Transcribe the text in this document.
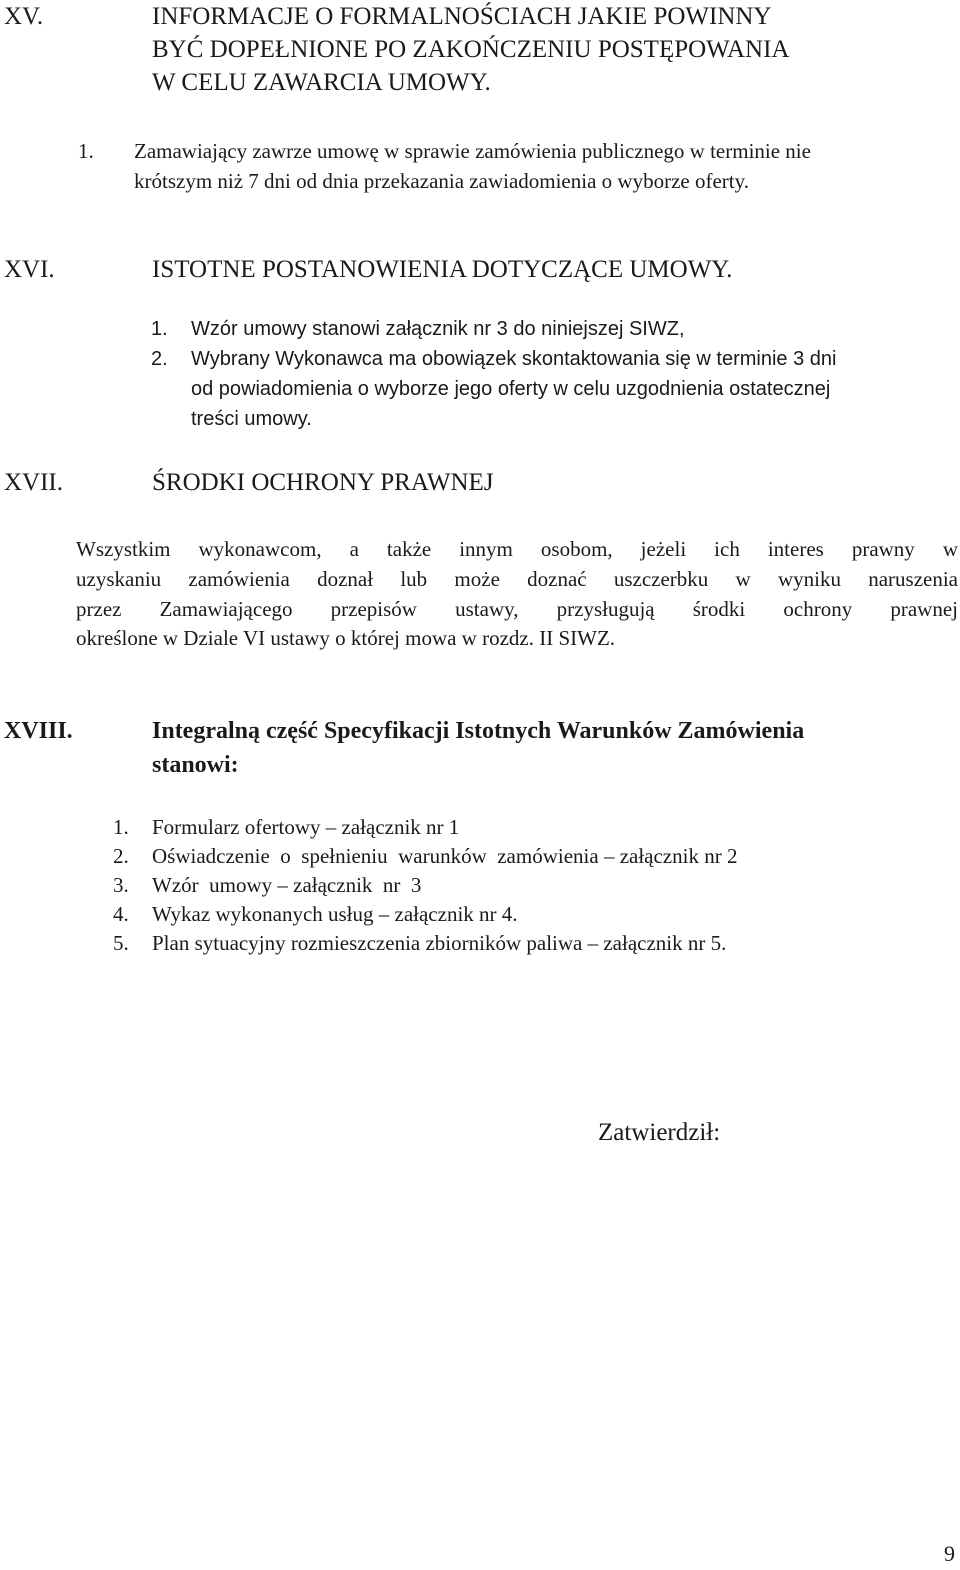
XV.	INFORMACJE O FORMALNOŚCIACH JAKIE POWINNY
BYĆ DOPEŁNIONE PO ZAKOŃCZENIU POSTĘPOWANIA
W CELU ZAWARCIA UMOWY.
1. Zamawiający zawrze umowę w sprawie zamówienia publicznego w terminie nie
krótszym niż 7 dni od dnia przekazania zawiadomienia o wyborze oferty.
XVI.	ISTOTNE POSTANOWIENIA DOTYCZĄCE UMOWY.
1. Wzór umowy stanowi załącznik nr 3 do niniejszej SIWZ,
2. Wybrany Wykonawca ma obowiązek skontaktowania się w terminie 3 dni
od powiadomienia o wyborze jego oferty w celu uzgodnienia ostatecznej
treści umowy.
XVII.	ŚRODKI OCHRONY PRAWNEJ
Wszystkim wykonawcom, a także innym osobom, jeżeli ich interes prawny w
uzyskaniu zamówienia doznał lub może doznać uszczerbku w wyniku naruszenia
przez Zamawiającego przepisów ustawy, przysługują środki ochrony prawnej
określone w Dziale VI ustawy o której mowa w rozdz. II SIWZ.
XVIII.	Integralną część Specyfikacji Istotnych Warunków Zamówienia
stanowi:
1. Formularz ofertowy – załącznik nr 1
2. Oświadczenie  o  spełnieniu  warunków  zamówienia – załącznik nr 2
3. Wzór  umowy – załącznik  nr  3
4. Wykaz wykonanych usług – załącznik nr 4.
5. Plan sytuacyjny rozmieszczenia zbiorników paliwa – załącznik nr 5.
Zatwierdził:
9
